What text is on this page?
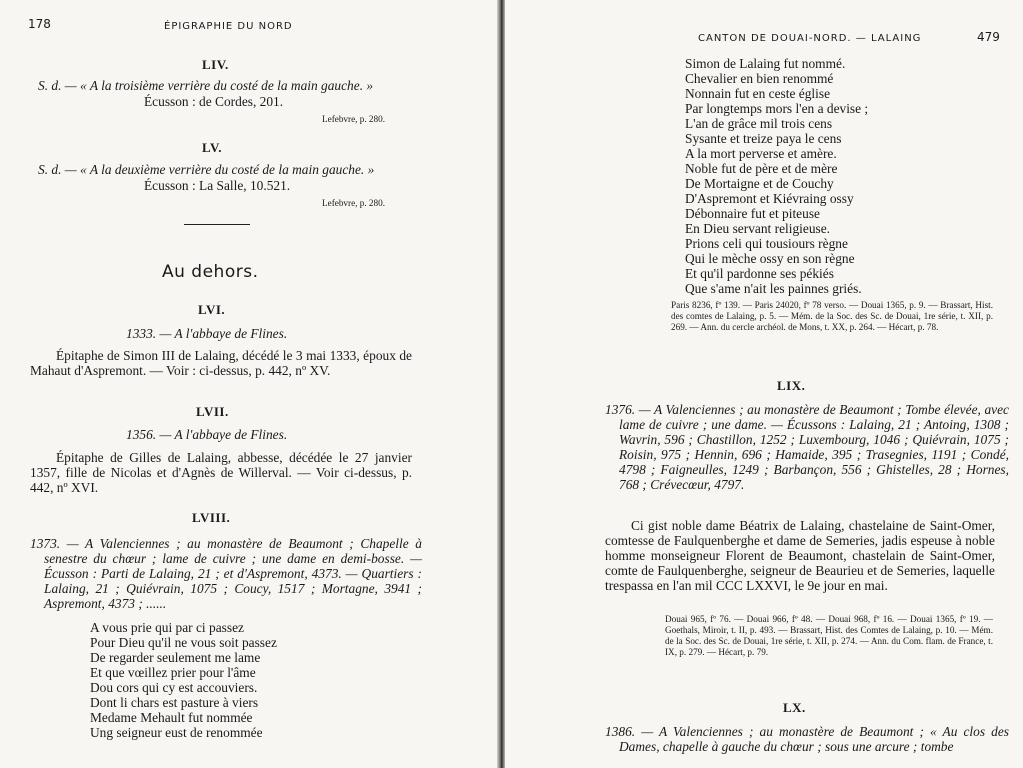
178	ÉPIGRAPHIE DU NORD
LIV.

S. d. — « A la troisième verrière du costé de la main gauche. »

Écusson : de Cordes, 201.

Lefebvre, p. 280.

LV.

S. d. — « A la deuxième verrière du costé de la main gauche. »

Écusson : La Salle, 10.521.

Lefebvre, p. 280.

Au dehors.
LVI.

1333. — A l'abbaye de Flines.

Épitaphe de Simon III de Lalaing, décédé le 3 mai 1333, époux de Mahaut d'Aspremont. — Voir : ci-dessus, p. 442, nº XV.

LVII.

1356. — A l'abbaye de Flines.

Épitaphe de Gilles de Lalaing, abbesse, décédée le 27 janvier 1357, fille de Nicolas et d'Agnès de Willerval. — Voir ci-dessus, p. 442, nº XVI.

LVIII.

1373. — A Valenciennes ; au monastère de Beaumont ; Chapelle à senestre du chœur ; lame de cuivre ; une dame en demi-bosse. — Écusson : Parti de Lalaing, 21 ; et d'Aspremont, 4373. — Quartiers : Lalaing, 21 ; Quiévrain, 1075 ; Coucy, 1517 ; Mortagne, 3941 ; Aspremont, 4373 ; ......

A vous prie qui par ci passez
Pour Dieu qu'il ne vous soit passez
De regarder seulement me lame
Et que vœillez prier pour l'âme
Dou cors qui cy est accouviers.
Dont li chars est pasture à viers
Medame Mehault fut nommée
Ung seigneur eust de renommée
CANTON DE DOUAI-NORD. — LALAING	479
Simon de Lalaing fut nommé.
Chevalier en bien renommé
Nonnain fut en ceste église
Par longtemps mors l'en a devise ;
L'an de grâce mil trois cens
Sysante et treize paya le cens
A la mort perverse et amère.
Noble fut de père et de mère
De Mortaigne et de Couchy
D'Aspremont et Kiévraing ossy
Débonnaire fut et piteuse
En Dieu servant religieuse.
Prions celi qui tousiours règne
Qui le mèche ossy en son règne
Et qu'il pardonne ses pékiés
Que s'ame n'ait les painnes griés.

Paris 8236, fº 139. — Paris 24020, fº 78 verso. — Douai 1365, p. 9. — Brassart, Hist. des comtes de Lalaing, p. 5. — Mém. de la Soc. des Sc. de Douai, 1re série, t. XII, p. 269. — Ann. du cercle archéol. de Mons, t. XX, p. 264. — Hécart, p. 78.

LIX.

1376. — A Valenciennes ; au monastère de Beaumont ; Tombe élevée, avec lame de cuivre ; une dame. — Écussons : Lalaing, 21 ; Antoing, 1308 ; Wavrin, 596 ; Chastillon, 1252 ; Luxembourg, 1046 ; Quiévrain, 1075 ; Roisin, 975 ; Hennin, 696 ; Hamaide, 395 ; Trasegnies, 1191 ; Condé, 4798 ; Faigneulles, 1249 ; Barbançon, 556 ; Ghistelles, 28 ; Hornes, 768 ; Crévecœur, 4797.

Ci gist noble dame Béatrix de Lalaing, chastelaine de Saint-Omer, comtesse de Faulquenberghe et dame de Semeries, jadis espeuse à noble homme monseigneur Florent de Beaumont, chastelain de Saint-Omer, comte de Faulquenberghe, seigneur de Beaurieu et de Semeries, laquelle trespassa en l'an mil CCC LXXVI, le 9e jour en mai.

Douai 965, fº 76. — Douai 966, fº 48. — Douai 968, fº 16. — Douai 1365, fº 19. — Goethals, Miroir, t. II, p. 493. — Brassart, Hist. des Comtes de Lalaing, p. 10. — Mém. de la Soc. des Sc. de Douai, 1re série, t. XII, p. 274. — Ann. du Com. flam. de France, t. IX, p. 279. — Hécart, p. 79.

LX.

1386. — A Valenciennes ; au monastère de Beaumont ; « Au clos des Dames, chapelle à gauche du chœur ; sous une arcure ; tombe
